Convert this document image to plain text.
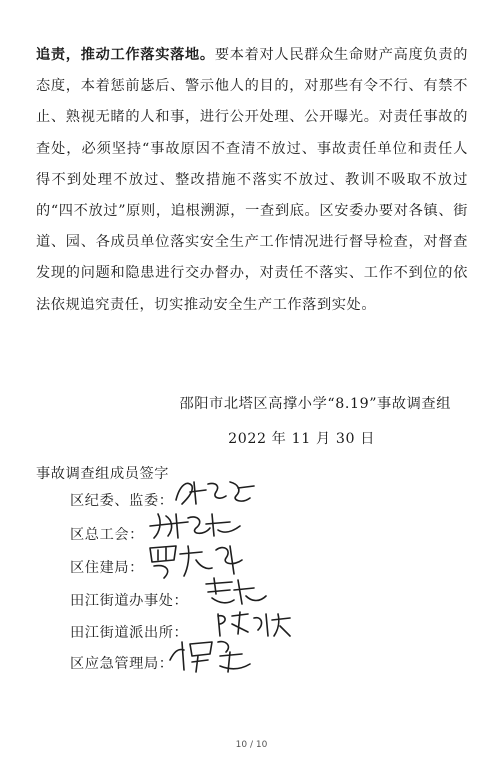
追责，推动工作落实落地。要本着对人民群众生命财产高度负责的态度，本着惩前毖后、警示他人的目的，对那些有令不行、有禁不止、熟视无睹的人和事，进行公开处理、公开曝光。对责任事故的查处，必须坚持“事故原因不查清不放过、事故责任单位和责任人得不到处理不放过、整改措施不落实不放过、教训不吸取不放过的“四不放过”原则，追根溯源，一查到底。区安委办要对各镇、街道、园、各成员单位落实安全生产工作情况进行督导检查，对督查发现的问题和隐患进行交办督办，对责任不落实、工作不到位的依法依规追究责任，切实推动安全生产工作落到实处。
邵阳市北塔区高撑小学“8.19”事故调查组
2022 年 11 月 30 日
事故调查组成员签字
区纪委、监委：
区总工会：
区住建局：
田江街道办事处：
田江街道派出所：
区应急管理局：
10 / 10
